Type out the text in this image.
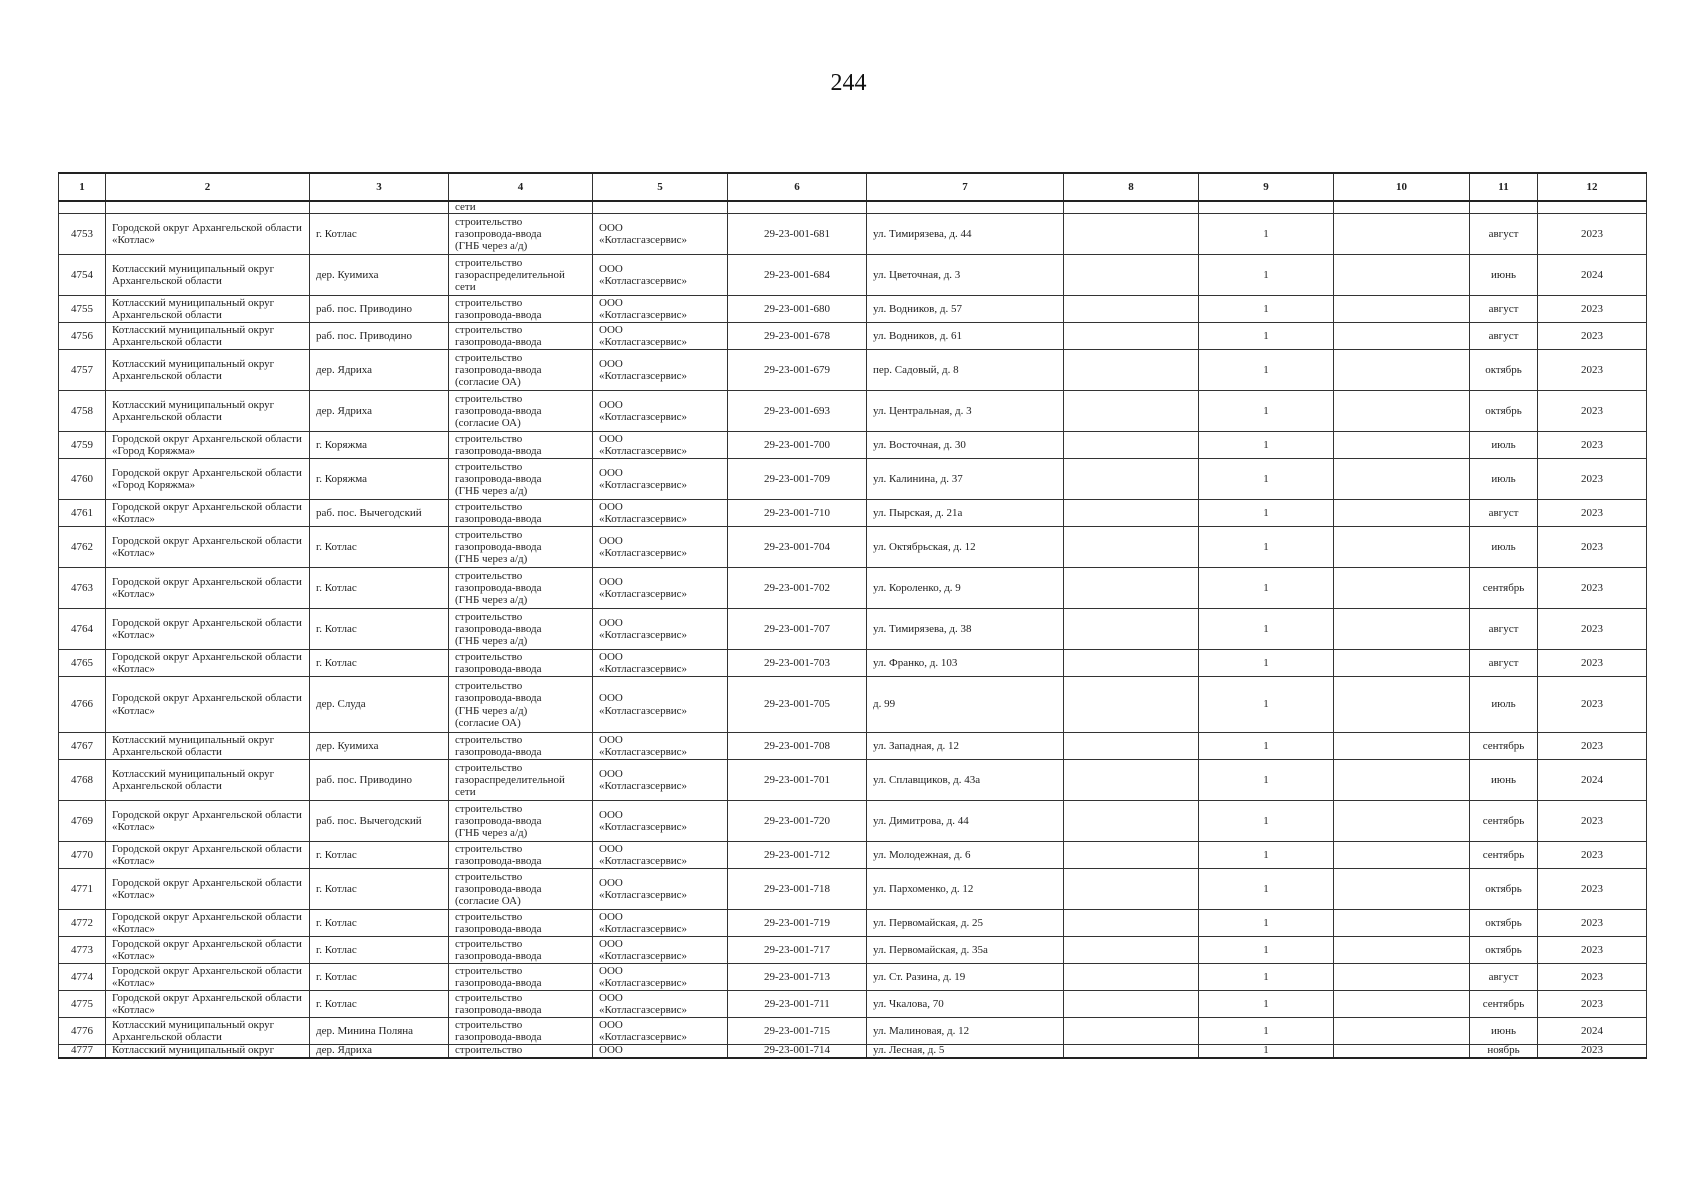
244
1	2	3	4	5	6	7	8	9	10	11	12
			сети								
4753	Городской округ Архангельской области «Котлас»	г. Котлас	строительство
газопровода-ввода
(ГНБ через а/д)	ООО
«Котласгазсервис»	29-23-001-681	ул. Тимирязева, д. 44		1		август	2023
4754	Котласский муниципальный округ Архангельской области	дер. Куимиха	строительство
газораспределительной
сети	ООО
«Котласгазсервис»	29-23-001-684	ул. Цветочная, д. 3		1		июнь	2024
4755	Котласский муниципальный округ Архангельской области	раб. пос. Приводино	строительство
газопровода-ввода	ООО
«Котласгазсервис»	29-23-001-680	ул. Водников, д. 57		1		август	2023
4756	Котласский муниципальный округ Архангельской области	раб. пос. Приводино	строительство
газопровода-ввода	ООО
«Котласгазсервис»	29-23-001-678	ул. Водников, д. 61		1		август	2023
4757	Котласский муниципальный округ Архангельской области	дер. Ядриха	строительство
газопровода-ввода
(согласие ОА)	ООО
«Котласгазсервис»	29-23-001-679	пер. Садовый, д. 8		1		октябрь	2023
4758	Котласский муниципальный округ Архангельской области	дер. Ядриха	строительство
газопровода-ввода
(согласие ОА)	ООО
«Котласгазсервис»	29-23-001-693	ул. Центральная, д. 3		1		октябрь	2023
4759	Городской округ Архангельской области «Город Коряжма»	г. Коряжма	строительство
газопровода-ввода	ООО
«Котласгазсервис»	29-23-001-700	ул. Восточная, д. 30		1		июль	2023
4760	Городской округ Архангельской области «Город Коряжма»	г. Коряжма	строительство
газопровода-ввода
(ГНБ через а/д)	ООО
«Котласгазсервис»	29-23-001-709	ул. Калинина, д. 37		1		июль	2023
4761	Городской округ Архангельской области «Котлас»	раб. пос. Вычегодский	строительство
газопровода-ввода	ООО
«Котласгазсервис»	29-23-001-710	ул. Пырская, д. 21а		1		август	2023
4762	Городской округ Архангельской области «Котлас»	г. Котлас	строительство
газопровода-ввода
(ГНБ через а/д)	ООО
«Котласгазсервис»	29-23-001-704	ул. Октябрьская, д. 12		1		июль	2023
4763	Городской округ Архангельской области «Котлас»	г. Котлас	строительство
газопровода-ввода
(ГНБ через а/д)	ООО
«Котласгазсервис»	29-23-001-702	ул. Короленко, д. 9		1		сентябрь	2023
4764	Городской округ Архангельской области «Котлас»	г. Котлас	строительство
газопровода-ввода
(ГНБ через а/д)	ООО
«Котласгазсервис»	29-23-001-707	ул. Тимирязева, д. 38		1		август	2023
4765	Городской округ Архангельской области «Котлас»	г. Котлас	строительство
газопровода-ввода	ООО
«Котласгазсервис»	29-23-001-703	ул. Франко, д. 103		1		август	2023
4766	Городской округ Архангельской области «Котлас»	дер. Слуда	строительство
газопровода-ввода
(ГНБ через а/д)
(согласие ОА)	ООО
«Котласгазсервис»	29-23-001-705	д. 99		1		июль	2023
4767	Котласский муниципальный округ Архангельской области	дер. Куимиха	строительство
газопровода-ввода	ООО
«Котласгазсервис»	29-23-001-708	ул. Западная, д. 12		1		сентябрь	2023
4768	Котласский муниципальный округ Архангельской области	раб. пос. Приводино	строительство
газораспределительной
сети	ООО
«Котласгазсервис»	29-23-001-701	ул. Сплавщиков, д. 43а		1		июнь	2024
4769	Городской округ Архангельской области «Котлас»	раб. пос. Вычегодский	строительство
газопровода-ввода
(ГНБ через а/д)	ООО
«Котласгазсервис»	29-23-001-720	ул. Димитрова, д. 44		1		сентябрь	2023
4770	Городской округ Архангельской области «Котлас»	г. Котлас	строительство
газопровода-ввода	ООО
«Котласгазсервис»	29-23-001-712	ул. Молодежная, д. 6		1		сентябрь	2023
4771	Городской округ Архангельской области «Котлас»	г. Котлас	строительство
газопровода-ввода
(согласие ОА)	ООО
«Котласгазсервис»	29-23-001-718	ул. Пархоменко, д. 12		1		октябрь	2023
4772	Городской округ Архангельской области «Котлас»	г. Котлас	строительство
газопровода-ввода	ООО
«Котласгазсервис»	29-23-001-719	ул. Первомайская, д. 25		1		октябрь	2023
4773	Городской округ Архангельской области «Котлас»	г. Котлас	строительство
газопровода-ввода	ООО
«Котласгазсервис»	29-23-001-717	ул. Первомайская, д. 35а		1		октябрь	2023
4774	Городской округ Архангельской области «Котлас»	г. Котлас	строительство
газопровода-ввода	ООО
«Котласгазсервис»	29-23-001-713	ул. Ст. Разина, д. 19		1		август	2023
4775	Городской округ Архангельской области «Котлас»	г. Котлас	строительство
газопровода-ввода	ООО
«Котласгазсервис»	29-23-001-711	ул. Чкалова, 70		1		сентябрь	2023
4776	Котласский муниципальный округ Архангельской области	дер. Минина Поляна	строительство
газопровода-ввода	ООО
«Котласгазсервис»	29-23-001-715	ул. Малиновая, д. 12		1		июнь	2024
4777	Котласский муниципальный округ	дер. Ядриха	строительство	ООО	29-23-001-714	ул. Лесная, д. 5		1		ноябрь	2023
